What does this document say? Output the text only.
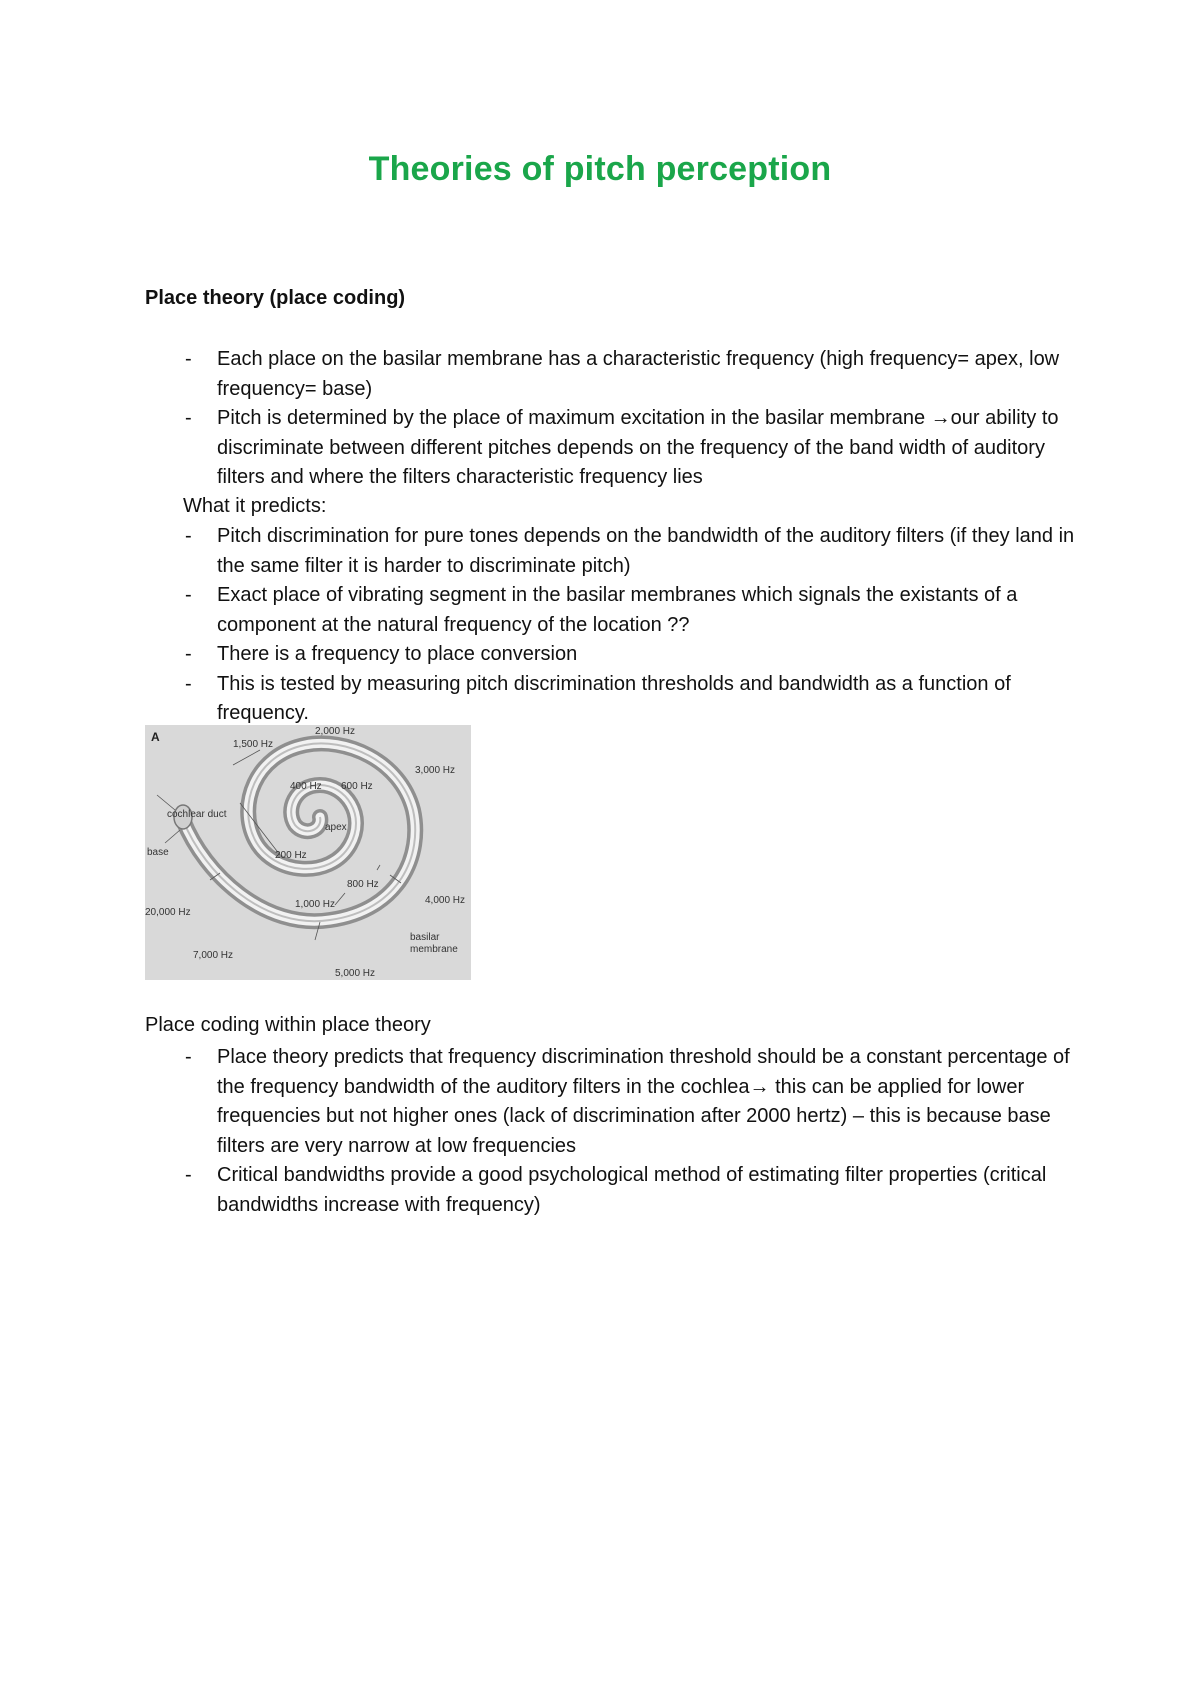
Theories of pitch perception
Place theory (place coding)
- Each place on the basilar membrane has a characteristic frequency (high frequency= apex, low frequency= base)
- Pitch is determined by the place of maximum excitation in the basilar membrane →our ability to discriminate between different pitches depends on the frequency of the band width of auditory filters and where the filters characteristic frequency lies
What it predicts:
- Pitch discrimination for pure tones depends on the bandwidth of the auditory filters (if they land in the same filter it is harder to discriminate pitch)
- Exact place of vibrating segment in the basilar membranes which signals the existants of a component at the natural frequency of the location ??
- There is a frequency to place conversion
- This is tested by measuring pitch discrimination thresholds and bandwidth as a function of frequency.
A
1,500 Hz
2,000 Hz
3,000 Hz
400 Hz 600 Hz
cochlear duct
apex
base	200 Hz
800 Hz
20,000 Hz
1,000 Hz	4,000 Hz
7,000 Hz
basilar
membrane
5,000 Hz
Place coding within place theory
- Place theory predicts that frequency discrimination threshold should be a constant percentage of the frequency bandwidth of the auditory filters in the cochlea→ this can be applied for lower frequencies but not higher ones (lack of discrimination after 2000 hertz) – this is because base filters are very narrow at low frequencies
- Critical bandwidths provide a good psychological method of estimating filter properties (critical bandwidths increase with frequency)
